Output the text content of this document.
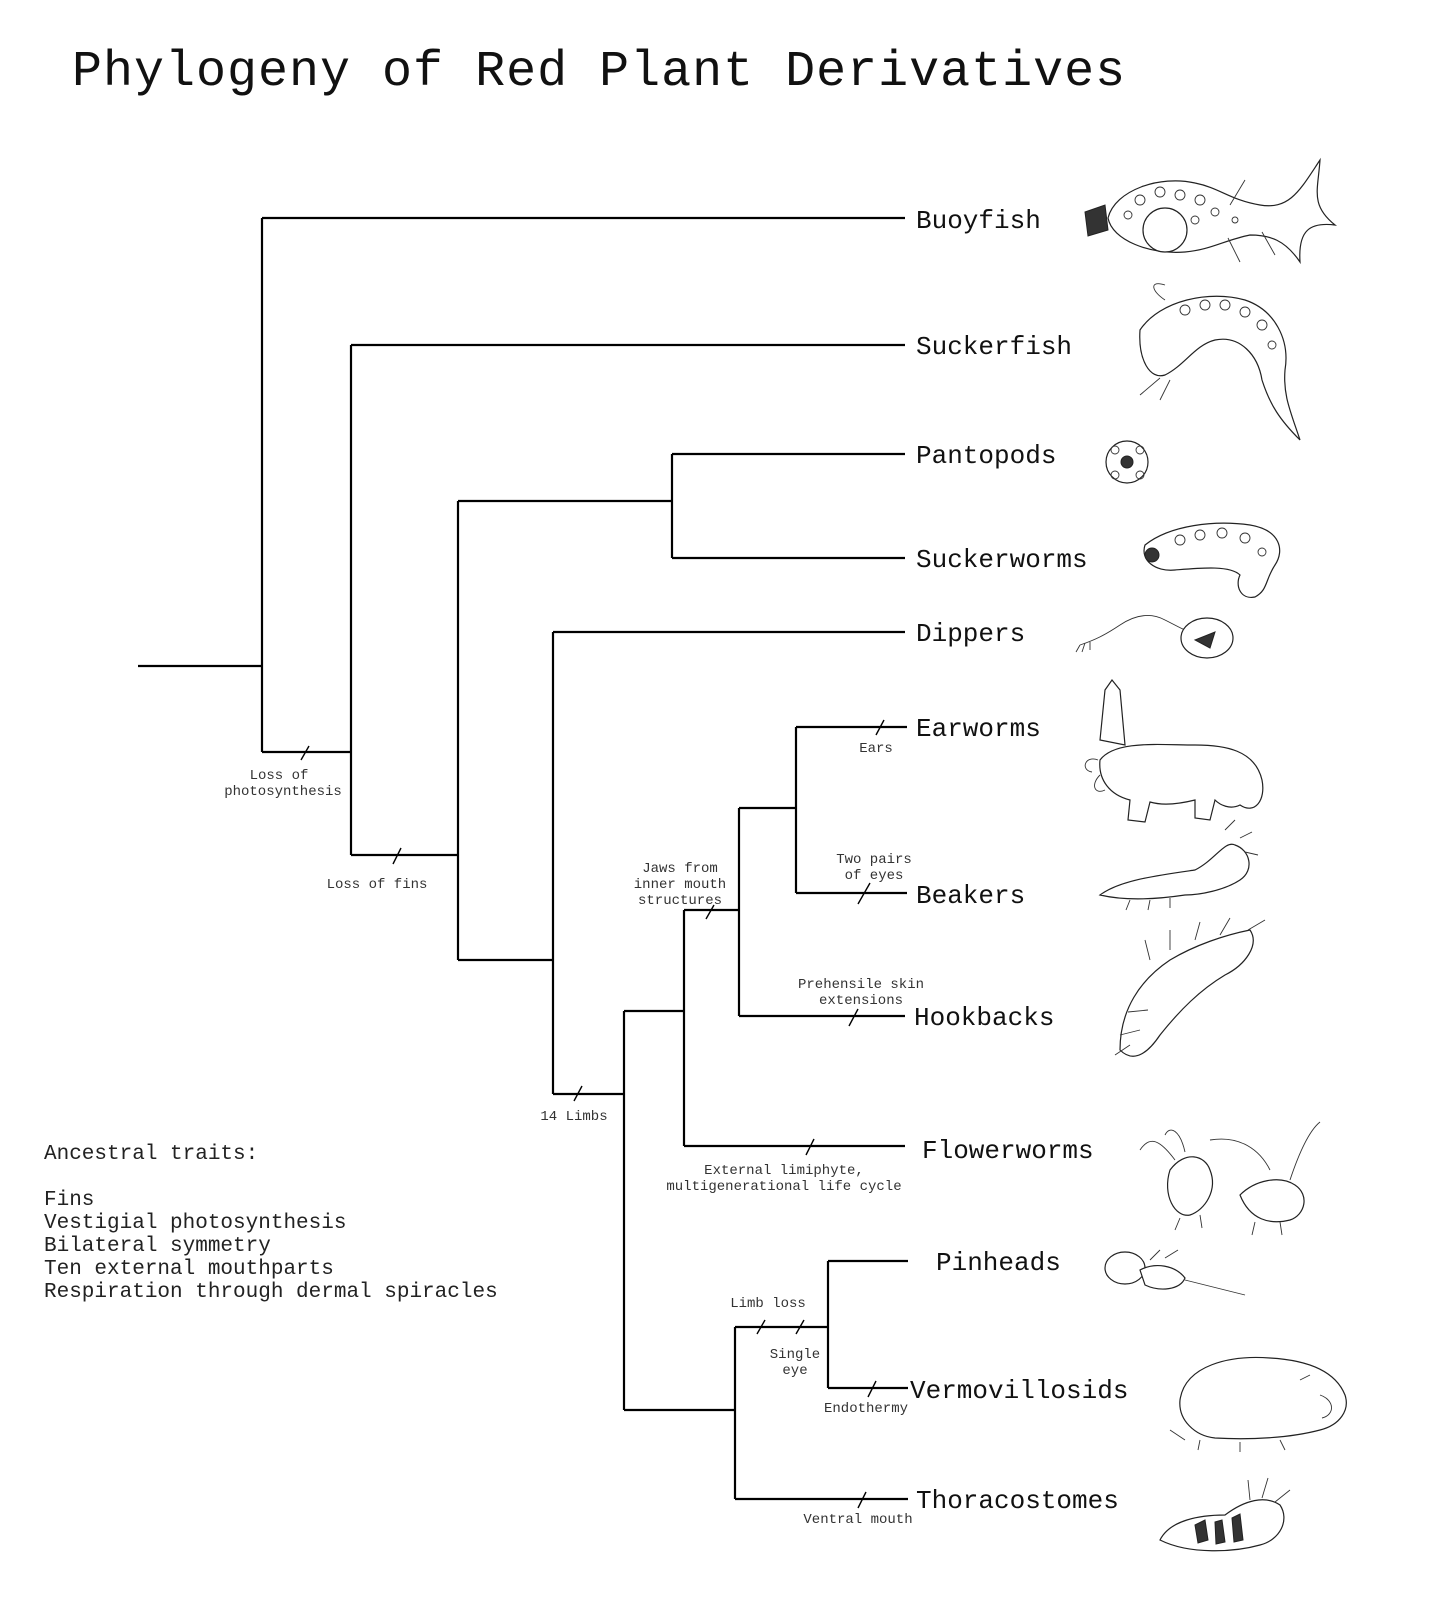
Phylogeny of Red Plant Derivatives
Loss of
photosynthesis
Loss of fins
14 Limbs
Jaws from
inner mouth
structures
Ears
Two pairs
of eyes
Prehensile skin
extensions
External limiphyte,
multigenerational life cycle
Limb loss
Single
eye
Endothermy
Ventral mouth
Buoyfish
Suckerfish
Pantopods
Suckerworms
Dippers
Earworms
Beakers
Hookbacks
Flowerworms
Pinheads
Vermovillosids
Thoracostomes
Ancestral traits:
Fins
Vestigial photosynthesis
Bilateral symmetry
Ten external mouthparts
Respiration through dermal spiracles
